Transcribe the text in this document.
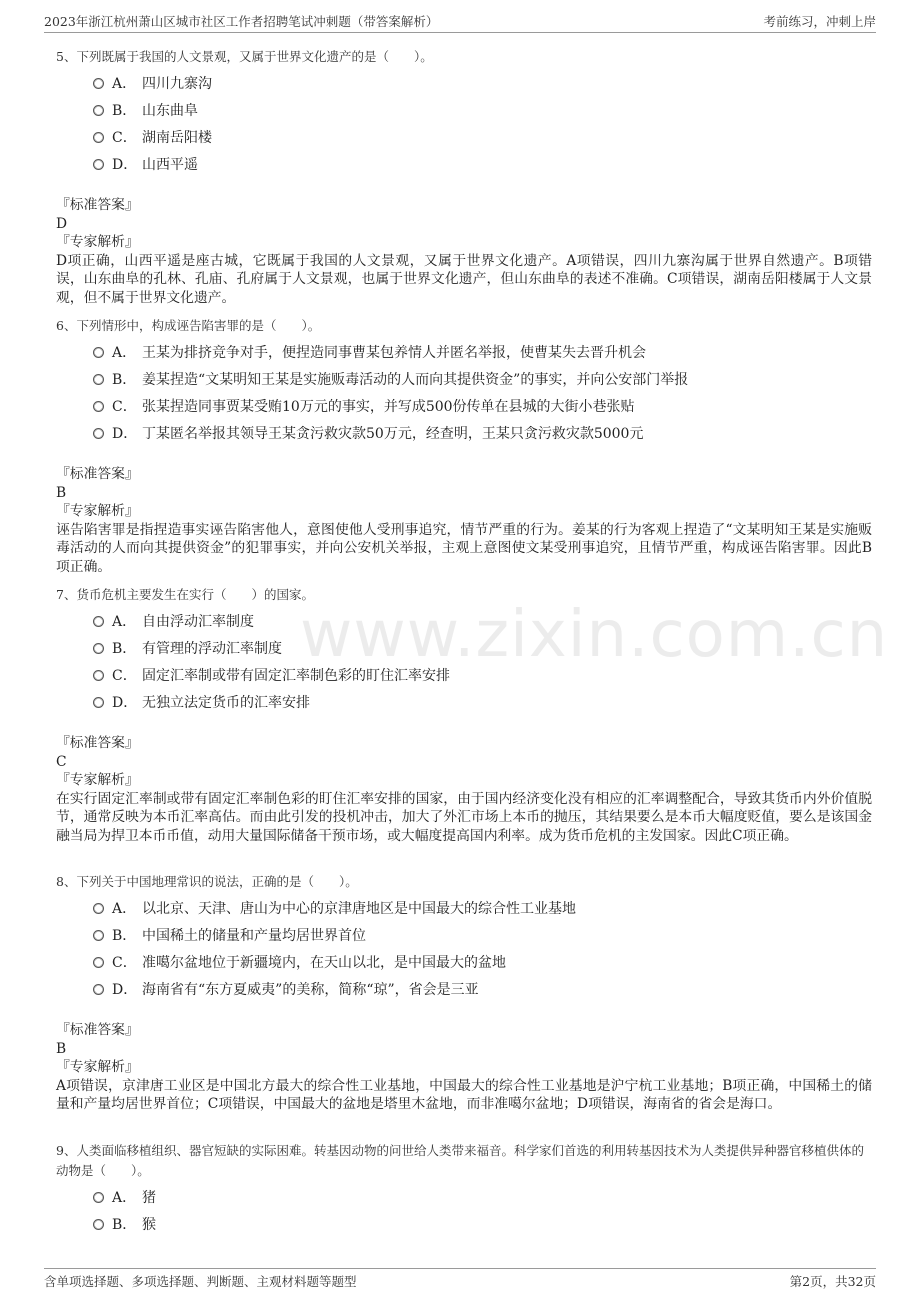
2023年浙江杭州萧山区城市社区工作者招聘笔试冲刺题（带答案解析）	考前练习，冲刺上岸
www.zixin.com.cn
5、下列既属于我国的人文景观，又属于世界文化遗产的是（　　）。
A． 四川九寨沟
B． 山东曲阜
C． 湖南岳阳楼
D． 山西平遥
『标准答案』
D
『专家解析』
D项正确，山西平遥是座古城，它既属于我国的人文景观，又属于世界文化遗产。A项错误，四川九寨沟属于世界自然遗产。B项错误，山东曲阜的孔林、孔庙、孔府属于人文景观，也属于世界文化遗产，但山东曲阜的表述不准确。C项错误，湖南岳阳楼属于人文景观，但不属于世界文化遗产。
6、下列情形中，构成诬告陷害罪的是（　　）。
A． 王某为排挤竞争对手，便捏造同事曹某包养情人并匿名举报，使曹某失去晋升机会
B． 姜某捏造“文某明知王某是实施贩毒活动的人而向其提供资金”的事实，并向公安部门举报
C． 张某捏造同事贾某受贿10万元的事实，并写成500份传单在县城的大街小巷张贴
D． 丁某匿名举报其领导王某贪污救灾款50万元，经查明，王某只贪污救灾款5000元
『标准答案』
B
『专家解析』
诬告陷害罪是指捏造事实诬告陷害他人，意图使他人受刑事追究，情节严重的行为。姜某的行为客观上捏造了“文某明知王某是实施贩毒活动的人而向其提供资金”的犯罪事实，并向公安机关举报，主观上意图使文某受刑事追究，且情节严重，构成诬告陷害罪。因此B项正确。
7、货币危机主要发生在实行（　　）的国家。
A． 自由浮动汇率制度
B． 有管理的浮动汇率制度
C． 固定汇率制或带有固定汇率制色彩的盯住汇率安排
D． 无独立法定货币的汇率安排
『标准答案』
C
『专家解析』
在实行固定汇率制或带有固定汇率制色彩的盯住汇率安排的国家，由于国内经济变化没有相应的汇率调整配合，导致其货币内外价值脱节，通常反映为本币汇率高估。而由此引发的投机冲击，加大了外汇市场上本币的抛压，其结果要么是本币大幅度贬值，要么是该国金融当局为捍卫本币币值，动用大量国际储备干预市场，或大幅度提高国内利率。成为货币危机的主发国家。因此C项正确。
8、下列关于中国地理常识的说法，正确的是（　　）。
A． 以北京、天津、唐山为中心的京津唐地区是中国最大的综合性工业基地
B． 中国稀土的储量和产量均居世界首位
C． 准噶尔盆地位于新疆境内，在天山以北，是中国最大的盆地
D． 海南省有“东方夏威夷”的美称，简称“琼”，省会是三亚
『标准答案』
B
『专家解析』
A项错误，京津唐工业区是中国北方最大的综合性工业基地，中国最大的综合性工业基地是沪宁杭工业基地；B项正确，中国稀土的储量和产量均居世界首位；C项错误，中国最大的盆地是塔里木盆地，而非准噶尔盆地；D项错误，海南省的省会是海口。
9、人类面临移植组织、器官短缺的实际困难。转基因动物的问世给人类带来福音。科学家们首选的利用转基因技术为人类提供异种器官移植供体的动物是（　　）。
A． 猪
B． 猴
含单项选择题、多项选择题、判断题、主观材料题等题型	第2页，共32页
